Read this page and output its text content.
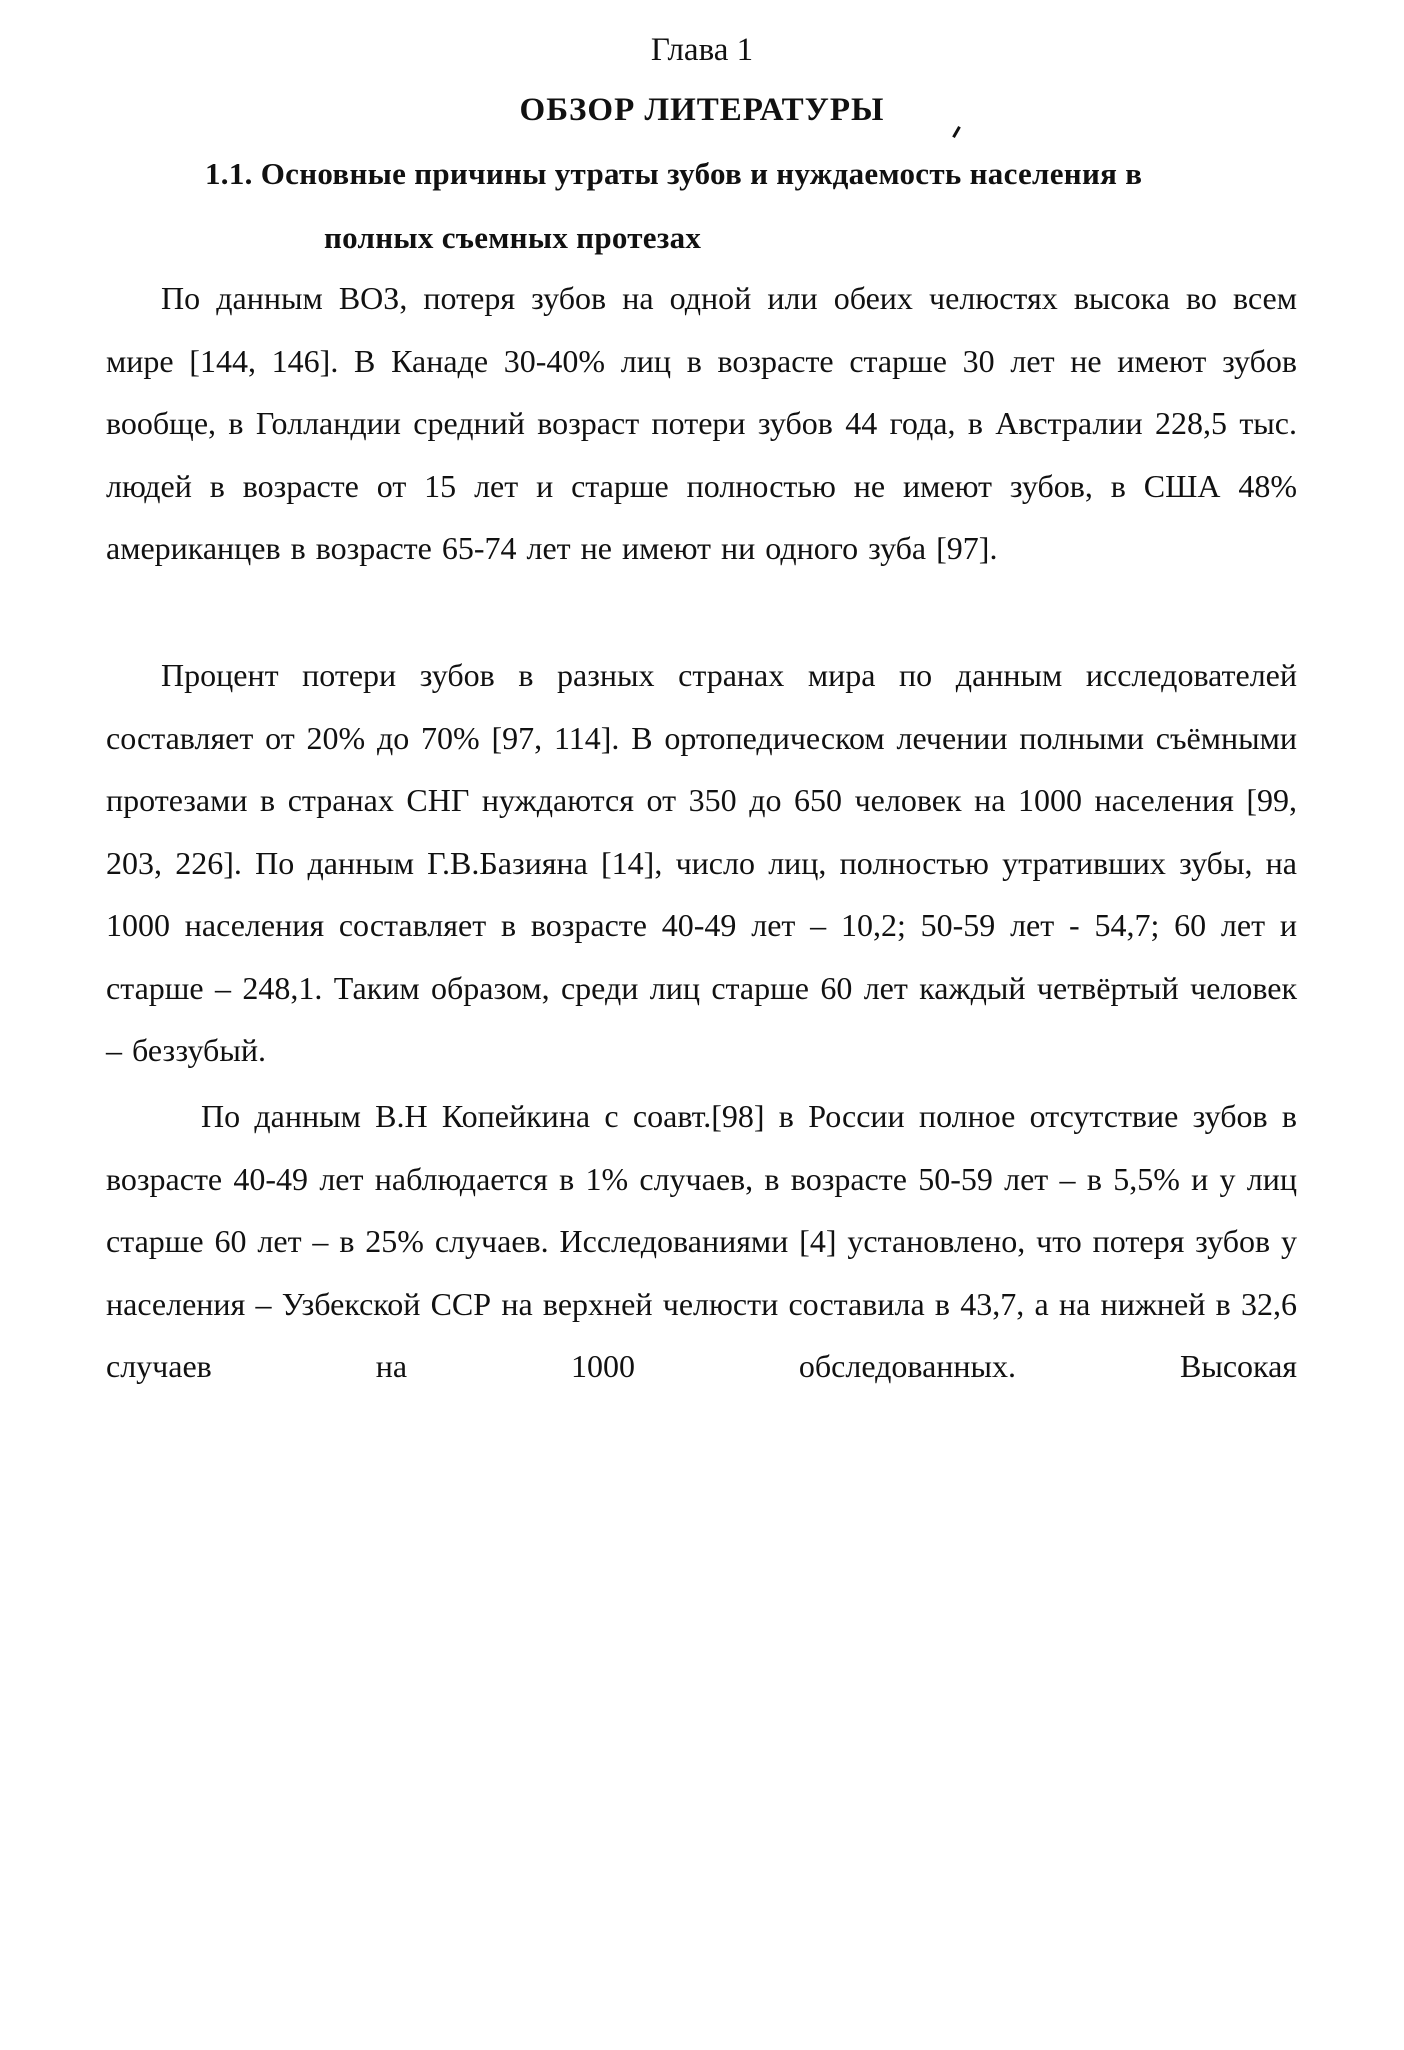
Глава 1
ОБЗОР ЛИТЕРАТУРЫ
1.1. Основные причины утраты зубов и нуждаемость населения в
полных съемных протезах

По данным ВОЗ, потеря зубов на одной или обеих челюстях высока во всем мире [144, 146]. В Канаде 30-40% лиц в возрасте старше 30 лет не имеют зубов вообще, в Голландии средний возраст потери зубов 44 года, в Австралии 228,5 тыс. людей в возрасте от 15 лет и старше полностью не имеют зубов, в США 48% американцев в возрасте 65-74 лет не имеют ни одного зуба [97].

Процент потери зубов в разных странах мира по данным исследователей составляет от 20% до 70% [97, 114]. В ортопедическом лечении полными съёмными протезами в странах СНГ нуждаются от 350 до 650 человек на 1000 населения [99, 203, 226]. По данным Г.В.Базияна [14], число лиц, полностью утративших зубы, на 1000 населения составляет в возрасте 40-49 лет – 10,2; 50-59 лет - 54,7; 60 лет и старше – 248,1. Таким образом, среди лиц старше 60 лет каждый четвёртый человек – беззубый.

По данным В.Н Копейкина с соавт.[98] в России полное отсутствие зубов в возрасте 40-49 лет наблюдается в 1% случаев, в возрасте 50-59 лет – в 5,5% и у лиц старше 60 лет – в 25% случаев. Исследованиями [4] установлено, что потеря зубов у населения – Узбекской ССР на верхней челюсти составила в 43,7, а на нижней в 32,6 случаев на 1000 обследованных. Высокая
